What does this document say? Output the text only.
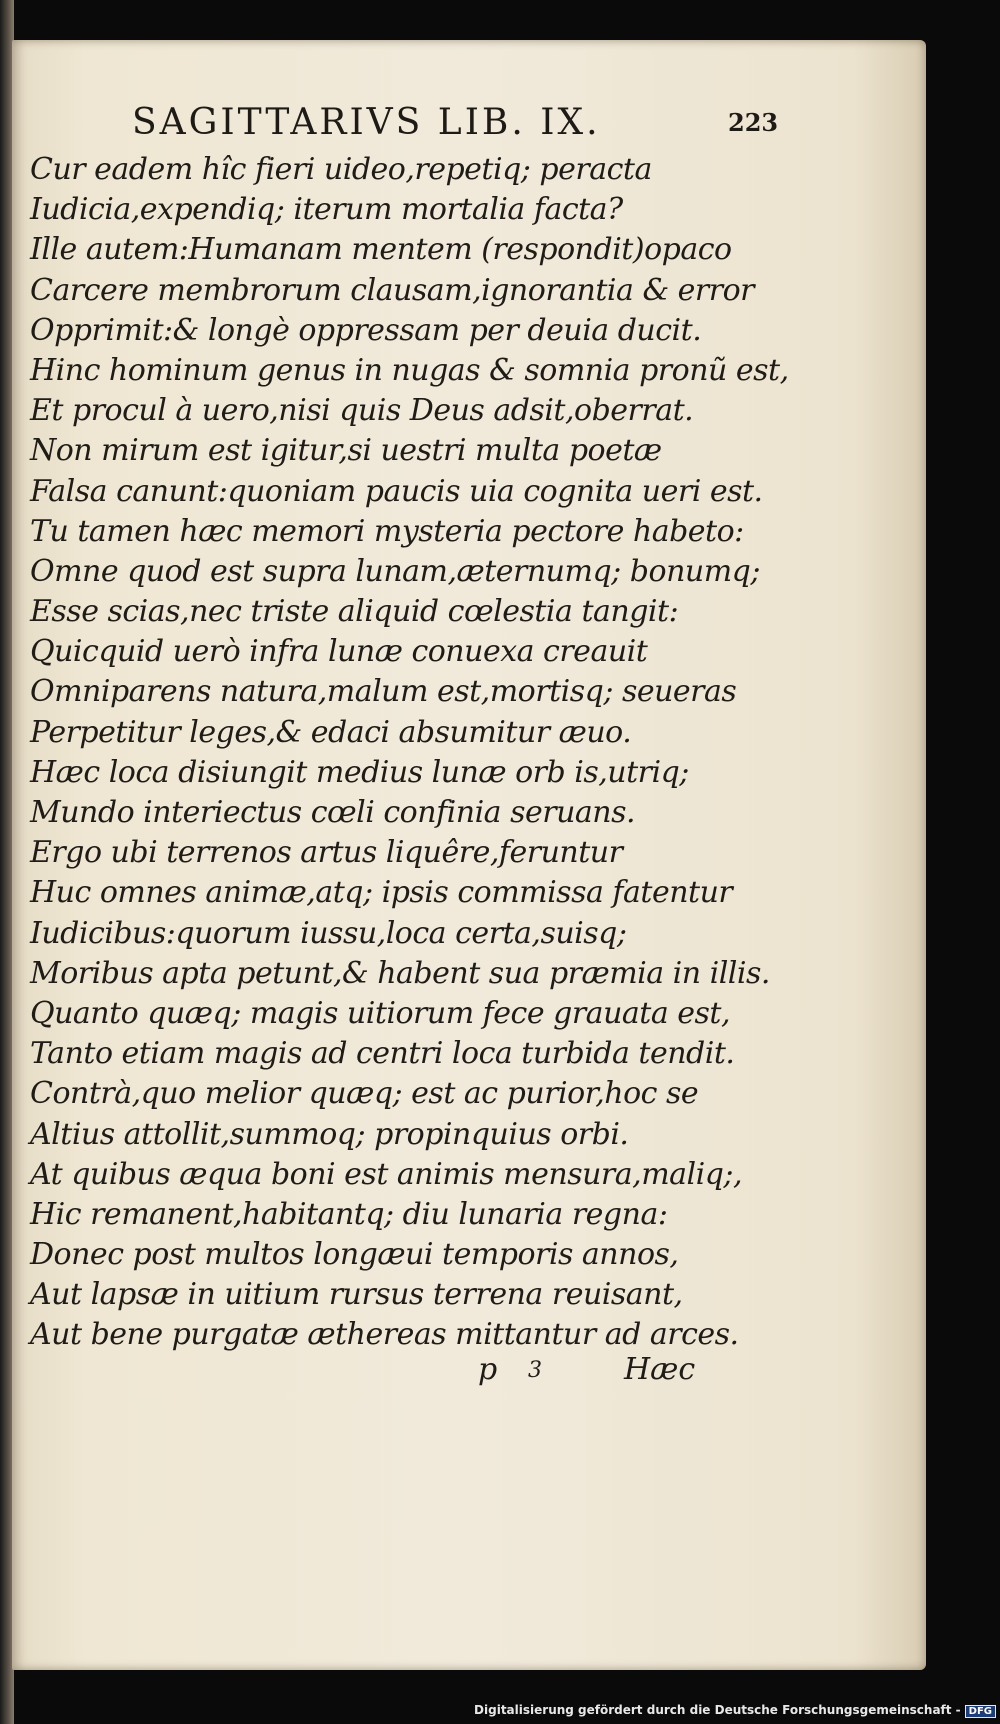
SAGITTARIVS LIB. IX.	223
Cur eadem hîc fieri uideo,repetiq; peracta
Iudicia,expendiq; iterum mortalia facta?
Ille autem:Humanam mentem (respondit)opaco
Carcere membrorum clausam,ignorantia & error
Opprimit:& longè oppressam per deuia ducit.
Hinc hominum genus in nugas & somnia pronũ est,
Et procul à uero,nisi quis Deus adsit,oberrat.
Non mirum est igitur,si uestri multa poetæ
Falsa canunt:quoniam paucis uia cognita ueri est.
Tu tamen hæc memori mysteria pectore habeto:
Omne quod est supra lunam,æternumq; bonumq;
Esse scias,nec triste aliquid cœlestia tangit:
Quicquid uerò infra lunæ conuexa creauit
Omniparens natura,malum est,mortisq; seueras
Perpetitur leges,& edaci absumitur æuo.
Hæc loca disiungit medius lunæ orb is,utriq;
Mundo interiectus cœli confinia seruans.
Ergo ubi terrenos artus liquêre,feruntur
Huc omnes animæ,atq; ipsis commissa fatentur
Iudicibus:quorum iussu,loca certa,suisq;
Moribus apta petunt,& habent sua præmia in illis.
Quanto quæq; magis uitiorum fece grauata est,
Tanto etiam magis ad centri loca turbida tendit.
Contrà,quo melior quæq; est ac purior,hoc se
Altius attollit,summoq; propinquius orbi.
At quibus æqua boni est animis mensura,maliq;,
Hic remanent,habitantq; diu lunaria regna:
Donec post multos longæui temporis annos,
Aut lapsæ in uitium rursus terrena reuisant,
Aut bene purgatæ æthereas mittantur ad arces.
p 3	Hæc
Digitalisierung gefördert durch die Deutsche Forschungsgemeinschaft - DFG
